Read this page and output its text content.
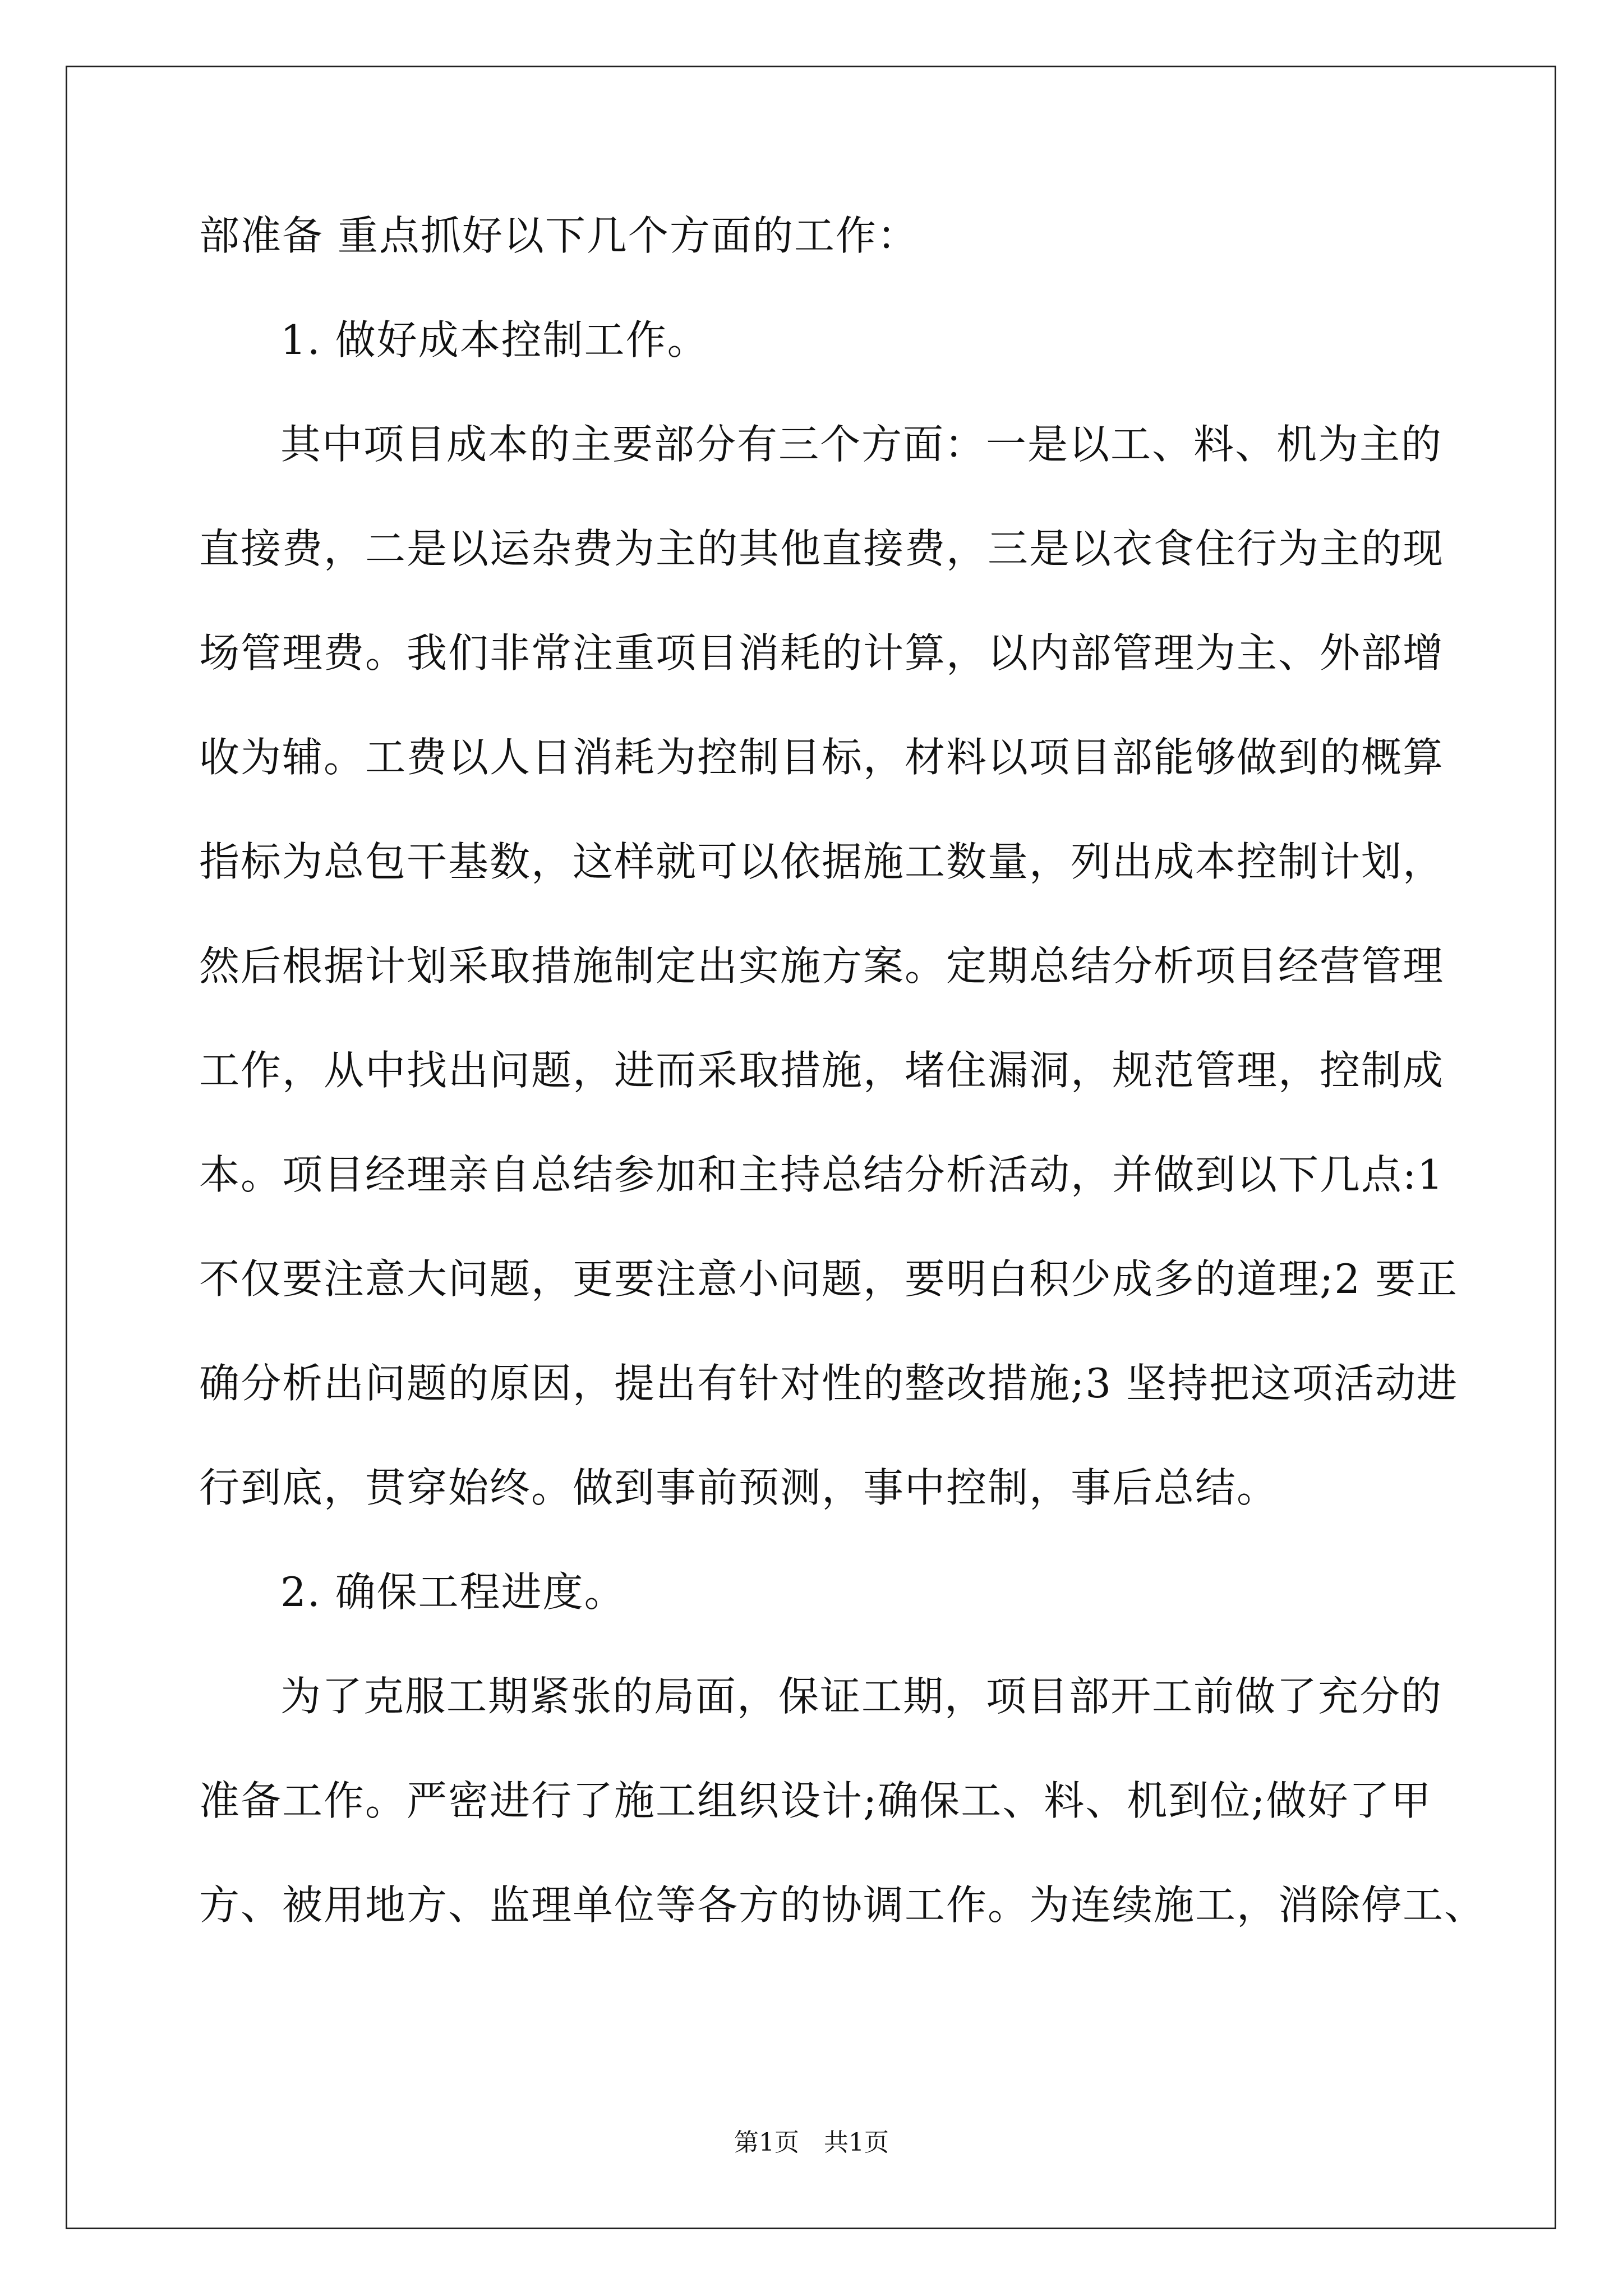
部准备 重点抓好以下几个方面的工作：
1. 做好成本控制工作。
其中项目成本的主要部分有三个方面：一是以工、料、机为主的
直接费，二是以运杂费为主的其他直接费，三是以衣食住行为主的现
场管理费。我们非常注重项目消耗的计算，以内部管理为主、外部增
收为辅。工费以人日消耗为控制目标，材料以项目部能够做到的概算
指标为总包干基数，这样就可以依据施工数量，列出成本控制计划，
然后根据计划采取措施制定出实施方案。定期总结分析项目经营管理
工作，从中找出问题，进而采取措施，堵住漏洞，规范管理，控制成
本。项目经理亲自总结参加和主持总结分析活动，并做到以下几点:1
不仅要注意大问题，更要注意小问题，要明白积少成多的道理;2 要正
确分析出问题的原因，提出有针对性的整改措施;3 坚持把这项活动进
行到底，贯穿始终。做到事前预测，事中控制，事后总结。
2. 确保工程进度。
为了克服工期紧张的局面，保证工期，项目部开工前做了充分的
准备工作。严密进行了施工组织设计;确保工、料、机到位;做好了甲
方、被用地方、监理单位等各方的协调工作。为连续施工，消除停工、
第1页　共1页
